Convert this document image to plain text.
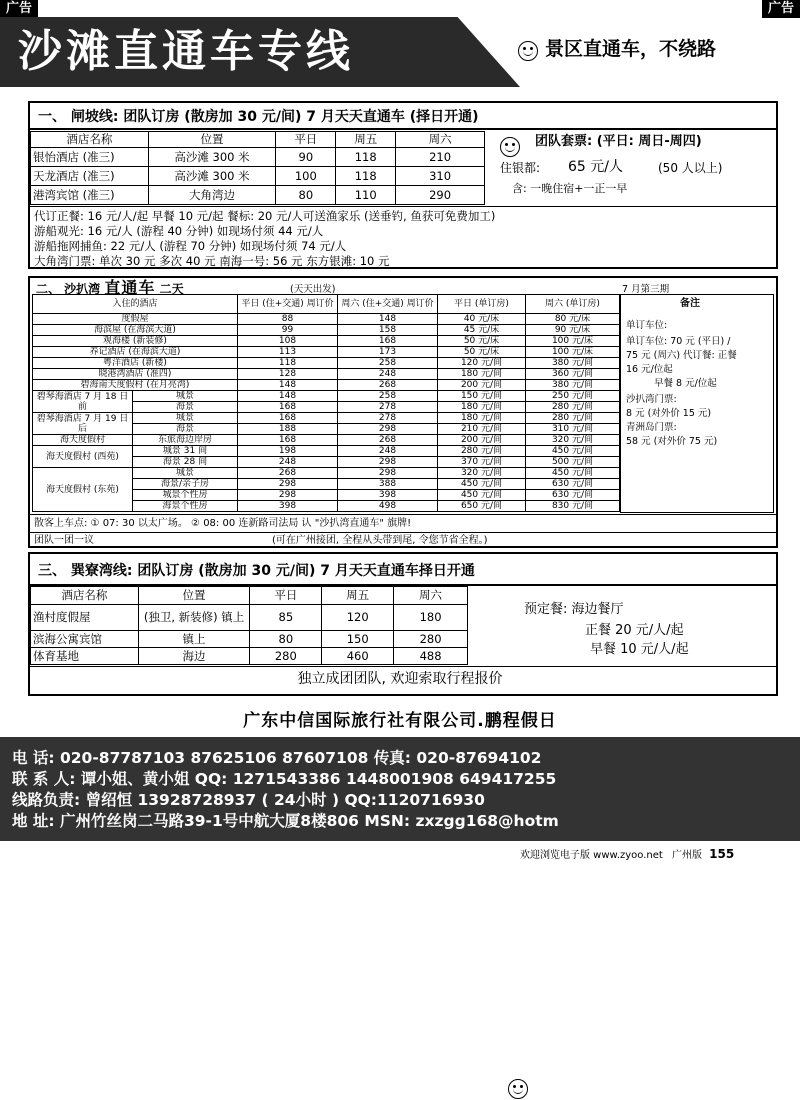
广告	广告
沙滩直通车专线	景区直通车，不绕路
一、 闸坡线: 团队订房 (散房加 30 元/间) 7 月天天直通车 (择日开通)
酒店名称	位置	平日	周五	周六
银怡酒店 (准三)	高沙滩 300 米	90	118	210
天龙酒店 (准三)	高沙滩 300 米	100	118	310
港湾宾馆 (准三)	大角湾边	80	110	290
团队套票: (平日: 周日-周四)
住银都: 65 元/人	(50 人以上)
含: 一晚住宿+一正一早
代订正餐: 16 元/人/起 早餐 10 元/起 餐标: 20 元/人可送渔家乐 (送垂钓, 鱼获可免费加工)
游船观光: 16 元/人 (游程 40 分钟) 如现场付须 44 元/人
游船拖网捕鱼: 22 元/人 (游程 70 分钟) 如现场付须 74 元/人
大角湾门票: 单次 30 元 多次 40 元 南海一号: 56 元 东方银滩: 10 元
二、 沙扒湾 直通车 二天	(天天出发)	7 月第三期
入住的酒店		平日 (住+交通) 周订价	周六 (住+交通) 周订价	平日 (单订房)	周六 (单订房)
度假屋		88	148	40 元/床	80 元/床
海滨屋 (在海滨大道)		99	158	45 元/床	90 元/床
观海楼 (新装修)		108	168	50 元/床	100 元/床
养记酒店 (在海滨大道)		113	173	50 元/床	100 元/床
粤洋酒店 (新楼)		118	258	120 元/间	380 元/间
晓港湾酒店 (准四)		128	248	180 元/间	360 元/间
碧海南天度假村 (在月亮湾)		148	268	200 元/间	380 元/间
碧琴海酒店 7 月 18 日前	城景	148	258	150 元/间	250 元/间
	海景	168	278	180 元/间	280 元/间
碧琴海酒店 7 月 19 日后	城景	168	278	180 元/间	280 元/间
	海景	188	298	210 元/间	310 元/间
海天度假村	东旅海边岸房	168	268	200 元/间	320 元/间
海天度假村 (西苑)	城景 31 间	198	248	280 元/间	450 元/间
	海景 28 间	248	298	370 元/间	500 元/间
海天度假村 (东苑)	城景	268	298	320 元/间	450 元/间
	海景/亲子房	298	388	450 元/间	630 元/间
	城景个性房	298	398	450 元/间	630 元/间
	海景个性房	398	498	650 元/间	830 元/间
备注
单订车位:
单订车位: 70 元 (平日) /
75 元 (周六) 代订餐: 正餐
16 元/位起
早餐 8 元/位起
沙扒湾门票:
8 元 (对外价 15 元)
青洲岛门票:
58 元 (对外价 75 元)
散客上车点: ① 07: 30 以太广场。 ② 08: 00 连新路司法局 认 "沙扒湾直通车" 旗牌!
团队一团一议	(可在广州接团, 全程从头带到尾, 令您节省全程。)
三、 巽寮湾线: 团队订房 (散房加 30 元/间) 7 月天天直通车择日开通
酒店名称	位置	平日	周五	周六
渔村度假屋	(独卫, 新装修) 镇上	85	120	180
滨海公寓宾馆	镇上	80	150	280
体育基地	海边	280	460	488
预定餐: 海边餐厅
正餐 20 元/人/起
早餐 10 元/人/起
独立成团团队, 欢迎索取行程报价
广东中信国际旅行社有限公司.鹏程假日
电 话: 020-87787103 87625106 87607108 传真: 020-87694102
联 系 人: 谭小姐、黄小姐 QQ: 1271543386 1448001908 649417255
线路负责: 曾绍恒 13928728937 ( 24小时 ) QQ:1120716930
地 址: 广州竹丝岗二马路39-1号中航大厦8楼806 MSN: zxzgg168@hotm
欢迎浏览电子版 www.zyoo.net 广州版 155
